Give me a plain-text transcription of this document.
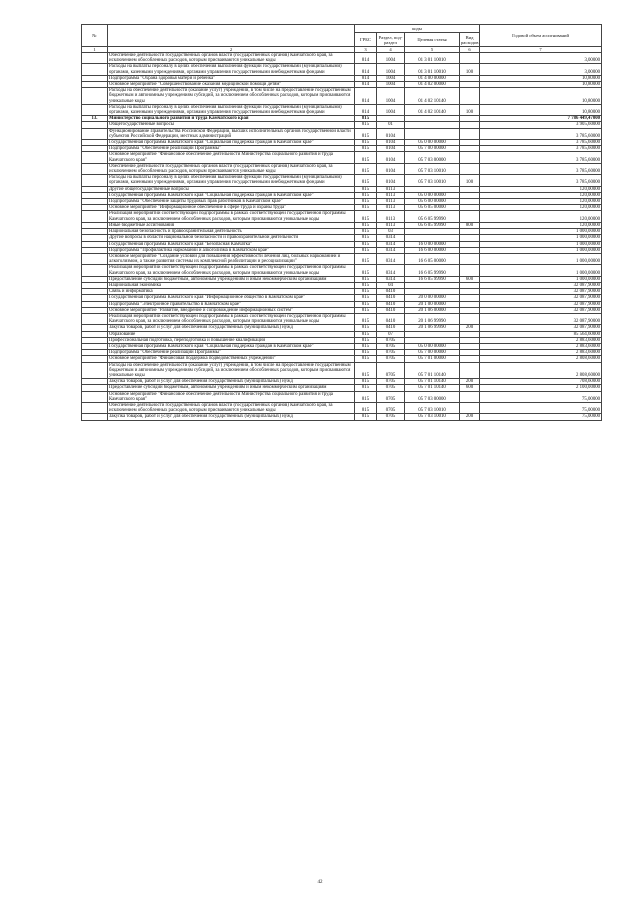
№		коды				Годовой объем ассигнований
		ГРБС	Раздел, под-раздел	Целевая статья	Вид расходов	
1	2	3	4	5	6	7
	Обеспечение деятельности государственных органов власти (государственных органов) Камчатского края, за исключением обособленных расходов, которым присваиваются уникальные коды	814	1004	01 3 01 10010		3,00000
	Расходы на выплаты персоналу в целях обеспечения выполнения функций государственными (муниципальными) органами, казенными учреждениями, органами управления государственными внебюджетными фондами	814	1004	01 3 01 10010	100	3,00000
	Подпрограмма "Охрана здоровья матери и ребенка"	814	1004	01 4 00 00000		10,80000
	Основное мероприятие "Совершенствование оказания медицинской помощи детям"	814	1004	01 4 02 00000		10,80000
	Расходы на обеспечение деятельности (оказание услуг) учреждений, в том числе на предоставление государственным бюджетным и автономным учреждениям субсидий, за исключением обособленных расходов, которым присваиваются уникальные коды	814	1004	01 4 02 10140		10,80000
	Расходы на выплаты персоналу в целях обеспечения выполнения функций государственными (муниципальными) органами, казенными учреждениями, органами управления государственными внебюджетными фондами	814	1004	01 4 02 10140	100	10,80000
13.	Министерство социального развития и труда Камчатского края	815				7 786 449,47000
	Общегосударственные вопросы	815	01			3 905,60000
	Функционирование Правительства Российской Федерации, высших исполнительных органов государственной власти субъектов Российской Федерации, местных администраций	815	0104			3 785,60000
	Государственная программа Камчатского края "Социальная поддержка граждан в Камчатском крае"	815	0104	05 0 00 00000		3 785,60000
	Подпрограмма "Обеспечение реализации Программы"	815	0104	05 7 00 00000		3 785,60000
	Основное мероприятие "Финансовое обеспечение деятельности Министерства социального развития и труда Камчатского края"	815	0104	05 7 03 00000		3 785,60000
	Обеспечение деятельности государственных органов власти (государственных органов) Камчатского края, за исключением обособленных расходов, которым присваиваются уникальные коды	815	0104	05 7 03 10010		3 785,60000
	Расходы на выплаты персоналу в целях обеспечения выполнения функций государственными (муниципальными) органами, казенными учреждениями, органами управления государственными внебюджетными фондами	815	0104	05 7 03 10010	100	3 785,60000
	Другие общегосударственные вопросы	815	0113			120,00000
	Государственная программа Камчатского края "Социальная поддержка граждан в Камчатском крае"	815	0113	05 0 00 00000		120,00000
	Подпрограмма "Обеспечение защиты трудовых прав работников в Камчатском крае"	815	0113	05 6 00 00000		120,00000
	Основное мероприятие "Информационное обеспечение в сфере труда и охраны труда"	815	0113	05 6 05 00000		120,00000
	Реализация мероприятий соответствующей подпрограммы в рамках соответствующей государственной программы Камчатского края, за исключением обособленных расходов, которым присваиваются уникальные коды	815	0113	05 6 05 99990		120,00000
	Иные бюджетные ассигнования	815	0113	05 6 05 99990	800	120,00000
	Национальная безопасность и правоохранительная деятельность	815	03			1 000,00000
	Другие вопросы в области национальной безопасности и правоохранительной деятельности	815	0314			1 000,00000
	Государственная программа Камчатского края "Безопасная Камчатка"	815	0314	16 0 00 00000		1 000,00000
	Подпрограмма "Профилактика наркомании и алкоголизма в Камчатском крае"	815	0314	16 6 00 00000		1 000,00000
	Основное мероприятие "Создание условий для повышения эффективности лечения лиц, больных наркоманией и алкоголизмом, а также развития системы их комплексной реабилитации и ресоциализации"	815	0314	16 6 05 00000		1 000,00000
	Реализация мероприятий соответствующей подпрограммы в рамках соответствующей государственной программы Камчатского края, за исключением обособленных расходов, которым присваиваются уникальные коды	815	0314	16 6 05 99990		1 000,00000
	Предоставление субсидий бюджетным, автономным учреждениям и иным некоммерческим организациям	815	0314	16 6 05 99990	600	1 000,00000
	Национальная экономика	815	04			32 087,90000
	Связь и информатика	815	0410			32 087,90000
	Государственная программа Камчатского края "Информационное общество в Камчатском крае"	815	0410	20 0 00 00000		32 087,90000
	Подпрограмма "Электронное правительство в Камчатском крае"	815	0410	20 1 00 00000		32 087,90000
	Основное мероприятие "Развитие, внедрение и сопровождение информационных систем"	815	0410	20 1 06 00000		32 087,90000
	Реализация мероприятий соответствующей подпрограммы в рамках соответствующей государственной программы Камчатского края, за исключением обособленных расходов, которым присваиваются уникальные коды	815	0410	20 1 06 99990		32 087,90000
	Закупка товаров, работ и услуг для обеспечения государственных (муниципальных) нужд	815	0410	20 1 06 99990	200	32 087,90000
	Образование	815	07			85 564,60000
	Профессиональная подготовка, переподготовка и повышение квалификации	815	0705			2 883,60000
	Государственная программа Камчатского края "Социальная поддержка граждан в Камчатском крае"	815	0705	05 0 00 00000		2 883,60000
	Подпрограмма "Обеспечение реализации Программы"	815	0705	05 7 00 00000		2 883,60000
	Основное мероприятие "Финансовая поддержка подведомственных учреждений"	815	0705	05 7 01 00000		2 808,60000
	Расходы на обеспечение деятельности (оказание услуг) учреждений, в том числе на предоставление государственным бюджетным и автономным учреждениям субсидий, за исключением обособленных расходов, которым присваиваются уникальные коды	815	0705	05 7 01 10140		2 808,60000
	Закупка товаров, работ и услуг для обеспечения государственных (муниципальных) нужд	815	0705	05 7 01 10140	200	708,60000
	Предоставление субсидий бюджетным, автономным учреждениям и иным некоммерческим организациям	815	0705	05 7 01 10140	600	2 100,00000
	Основное мероприятие "Финансовое обеспечение деятельности Министерства социального развития и труда Камчатского края"	815	0705	05 7 03 00000		75,00000
	Обеспечение деятельности государственных органов власти (государственных органов) Камчатского края, за исключением обособленных расходов, которым присваиваются уникальные коды	815	0705	05 7 03 10010		75,00000
	Закупка товаров, работ и услуг для обеспечения государственных (муниципальных) нужд	815	0705	05 7 03 10010	200	75,00000
42
